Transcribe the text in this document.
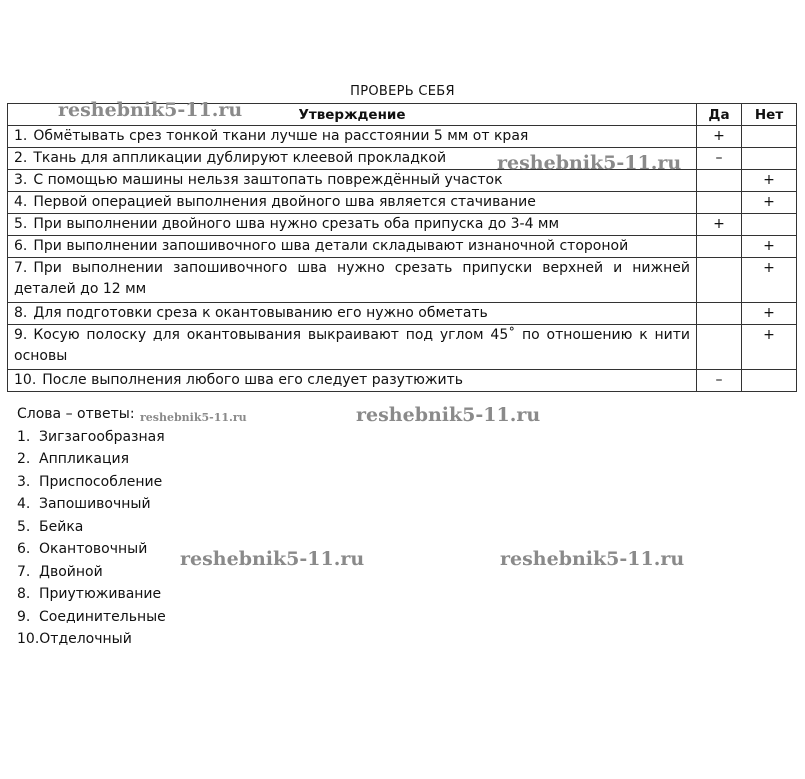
ПРОВЕРЬ СЕБЯ
Утверждение	Да	Нет
1. Обмётывать срез тонкой ткани лучше на расстоянии 5 мм от края	+	
2. Ткань для аппликации дублируют клеевой прокладкой	–	
3. С помощью машины нельзя заштопать повреждённый участок		+
4. Первой операцией выполнения двойного шва является стачивание		+
5. При выполнении двойного шва нужно срезать оба припуска до 3-4 мм	+	
6. При выполнении запошивочного шва детали складывают изнаночной стороной		+
7. При выполнении запошивочного шва нужно срезать припуски верхней и нижней деталей до 12 мм		+
8. Для подготовки среза к окантовыванию его нужно обметать		+
9. Косую полоску для окантовывания выкраивают под углом 45˚ по отношению к нити основы		+
10. После выполнения любого шва его следует разутюжить	–	
Слова – ответы:
1. Зигзагообразная
2. Аппликация
3. Приспособление
4. Запошивочный
5. Бейка
6. Окантовочный
7. Двойной
8. Приутюживание
9. Соединительные
10.Отделочный
reshebnik5-11.ru
reshebnik5-11.ru
reshebnik5-11.ru	reshebnik5-11.ru
reshebnik5-11.ru	reshebnik5-11.ru
